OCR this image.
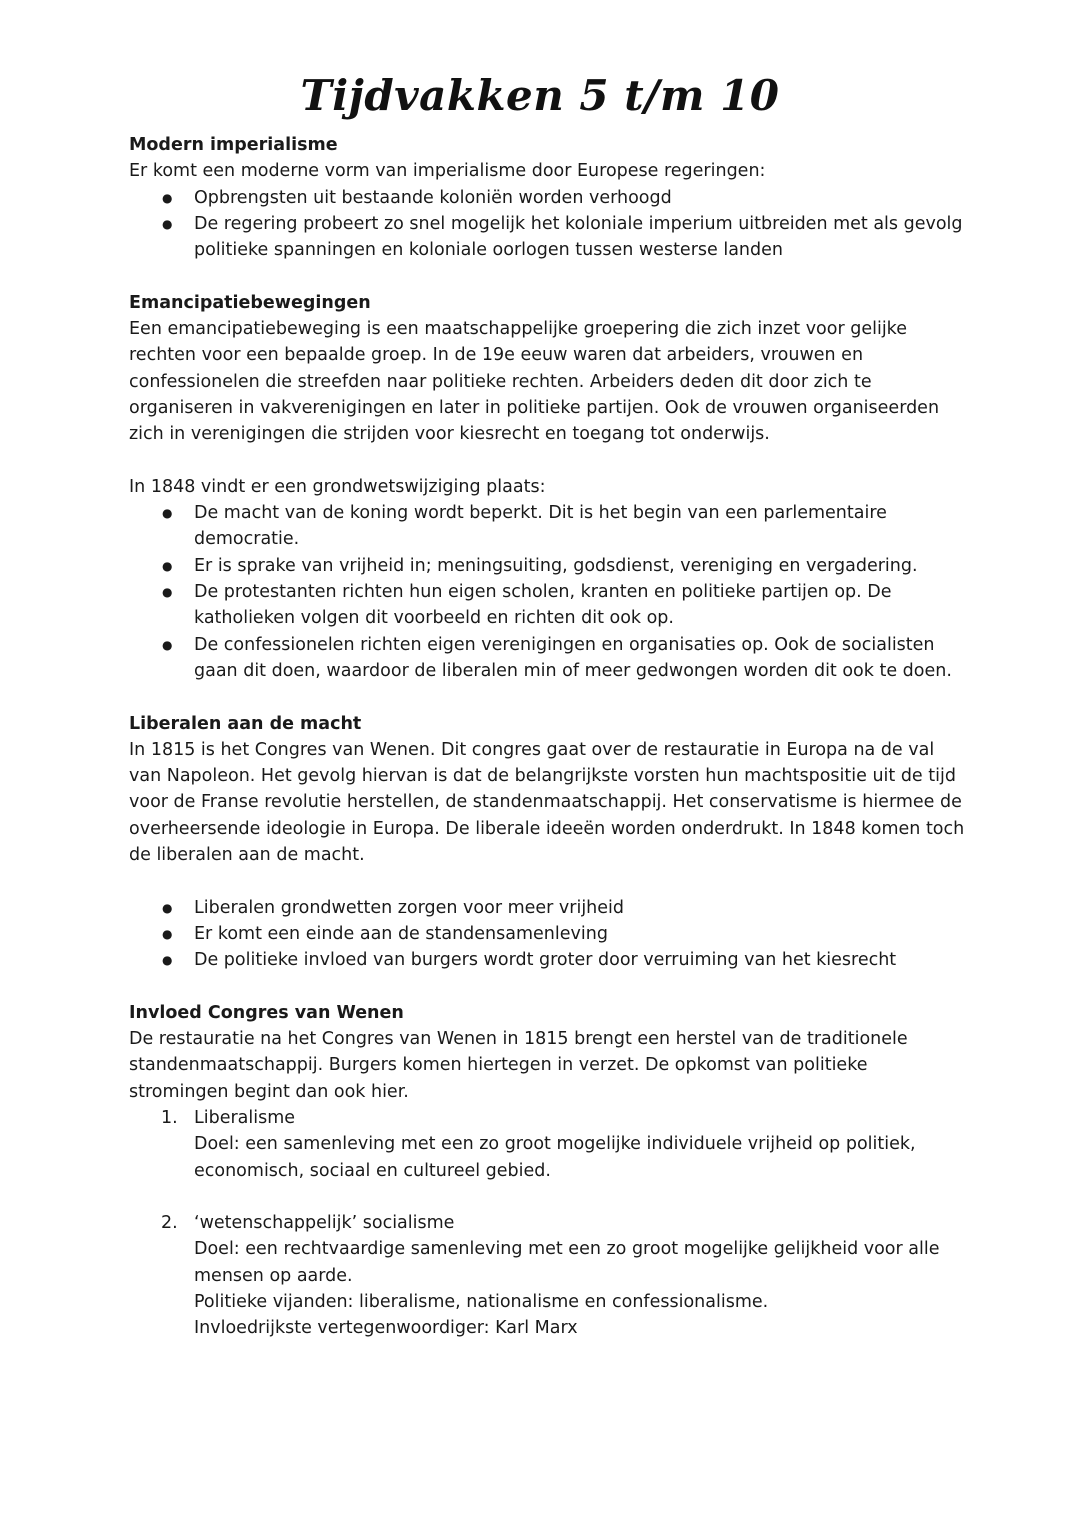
Tijdvakken 5 t/m 10

Modern imperialisme

Er komt een moderne vorm van imperialisme door Europese regeringen:

● Opbrengsten uit bestaande koloniën worden verhoogd
● De regering probeert zo snel mogelijk het koloniale imperium uitbreiden met als gevolg politieke spanningen en koloniale oorlogen tussen westerse landen

Emancipatiebewegingen

Een emancipatiebeweging is een maatschappelijke groepering die zich inzet voor gelijke rechten voor een bepaalde groep. In de 19e eeuw waren dat arbeiders, vrouwen en confessionelen die streefden naar politieke rechten. Arbeiders deden dit door zich te organiseren in vakverenigingen en later in politieke partijen. Ook de vrouwen organiseerden zich in verenigingen die strijden voor kiesrecht en toegang tot onderwijs.

In 1848 vindt er een grondwetswijziging plaats:

● De macht van de koning wordt beperkt. Dit is het begin van een parlementaire democratie.
● Er is sprake van vrijheid in; meningsuiting, godsdienst, vereniging en vergadering.
● De protestanten richten hun eigen scholen, kranten en politieke partijen op. De katholieken volgen dit voorbeeld en richten dit ook op.
● De confessionelen richten eigen verenigingen en organisaties op. Ook de socialisten gaan dit doen, waardoor de liberalen min of meer gedwongen worden dit ook te doen.

Liberalen aan de macht

In 1815 is het Congres van Wenen. Dit congres gaat over de restauratie in Europa na de val van Napoleon. Het gevolg hiervan is dat de belangrijkste vorsten hun machtspositie uit de tijd voor de Franse revolutie herstellen, de standenmaatschappij. Het conservatisme is hiermee de overheersende ideologie in Europa. De liberale ideeën worden onderdrukt. In 1848 komen toch de liberalen aan de macht.

● Liberalen grondwetten zorgen voor meer vrijheid
● Er komt een einde aan de standensamenleving
● De politieke invloed van burgers wordt groter door verruiming van het kiesrecht

Invloed Congres van Wenen

De restauratie na het Congres van Wenen in 1815 brengt een herstel van de traditionele standenmaatschappij. Burgers komen hiertegen in verzet. De opkomst van politieke stromingen begint dan ook hier.

1. Liberalisme

Doel: een samenleving met een zo groot mogelijke individuele vrijheid op politiek, economisch, sociaal en cultureel gebied.

2. ‘wetenschappelijk’ socialisme

Doel: een rechtvaardige samenleving met een zo groot mogelijke gelijkheid voor alle mensen op aarde.

Politieke vijanden: liberalisme, nationalisme en confessionalisme.

Invloedrijkste vertegenwoordiger: Karl Marx
